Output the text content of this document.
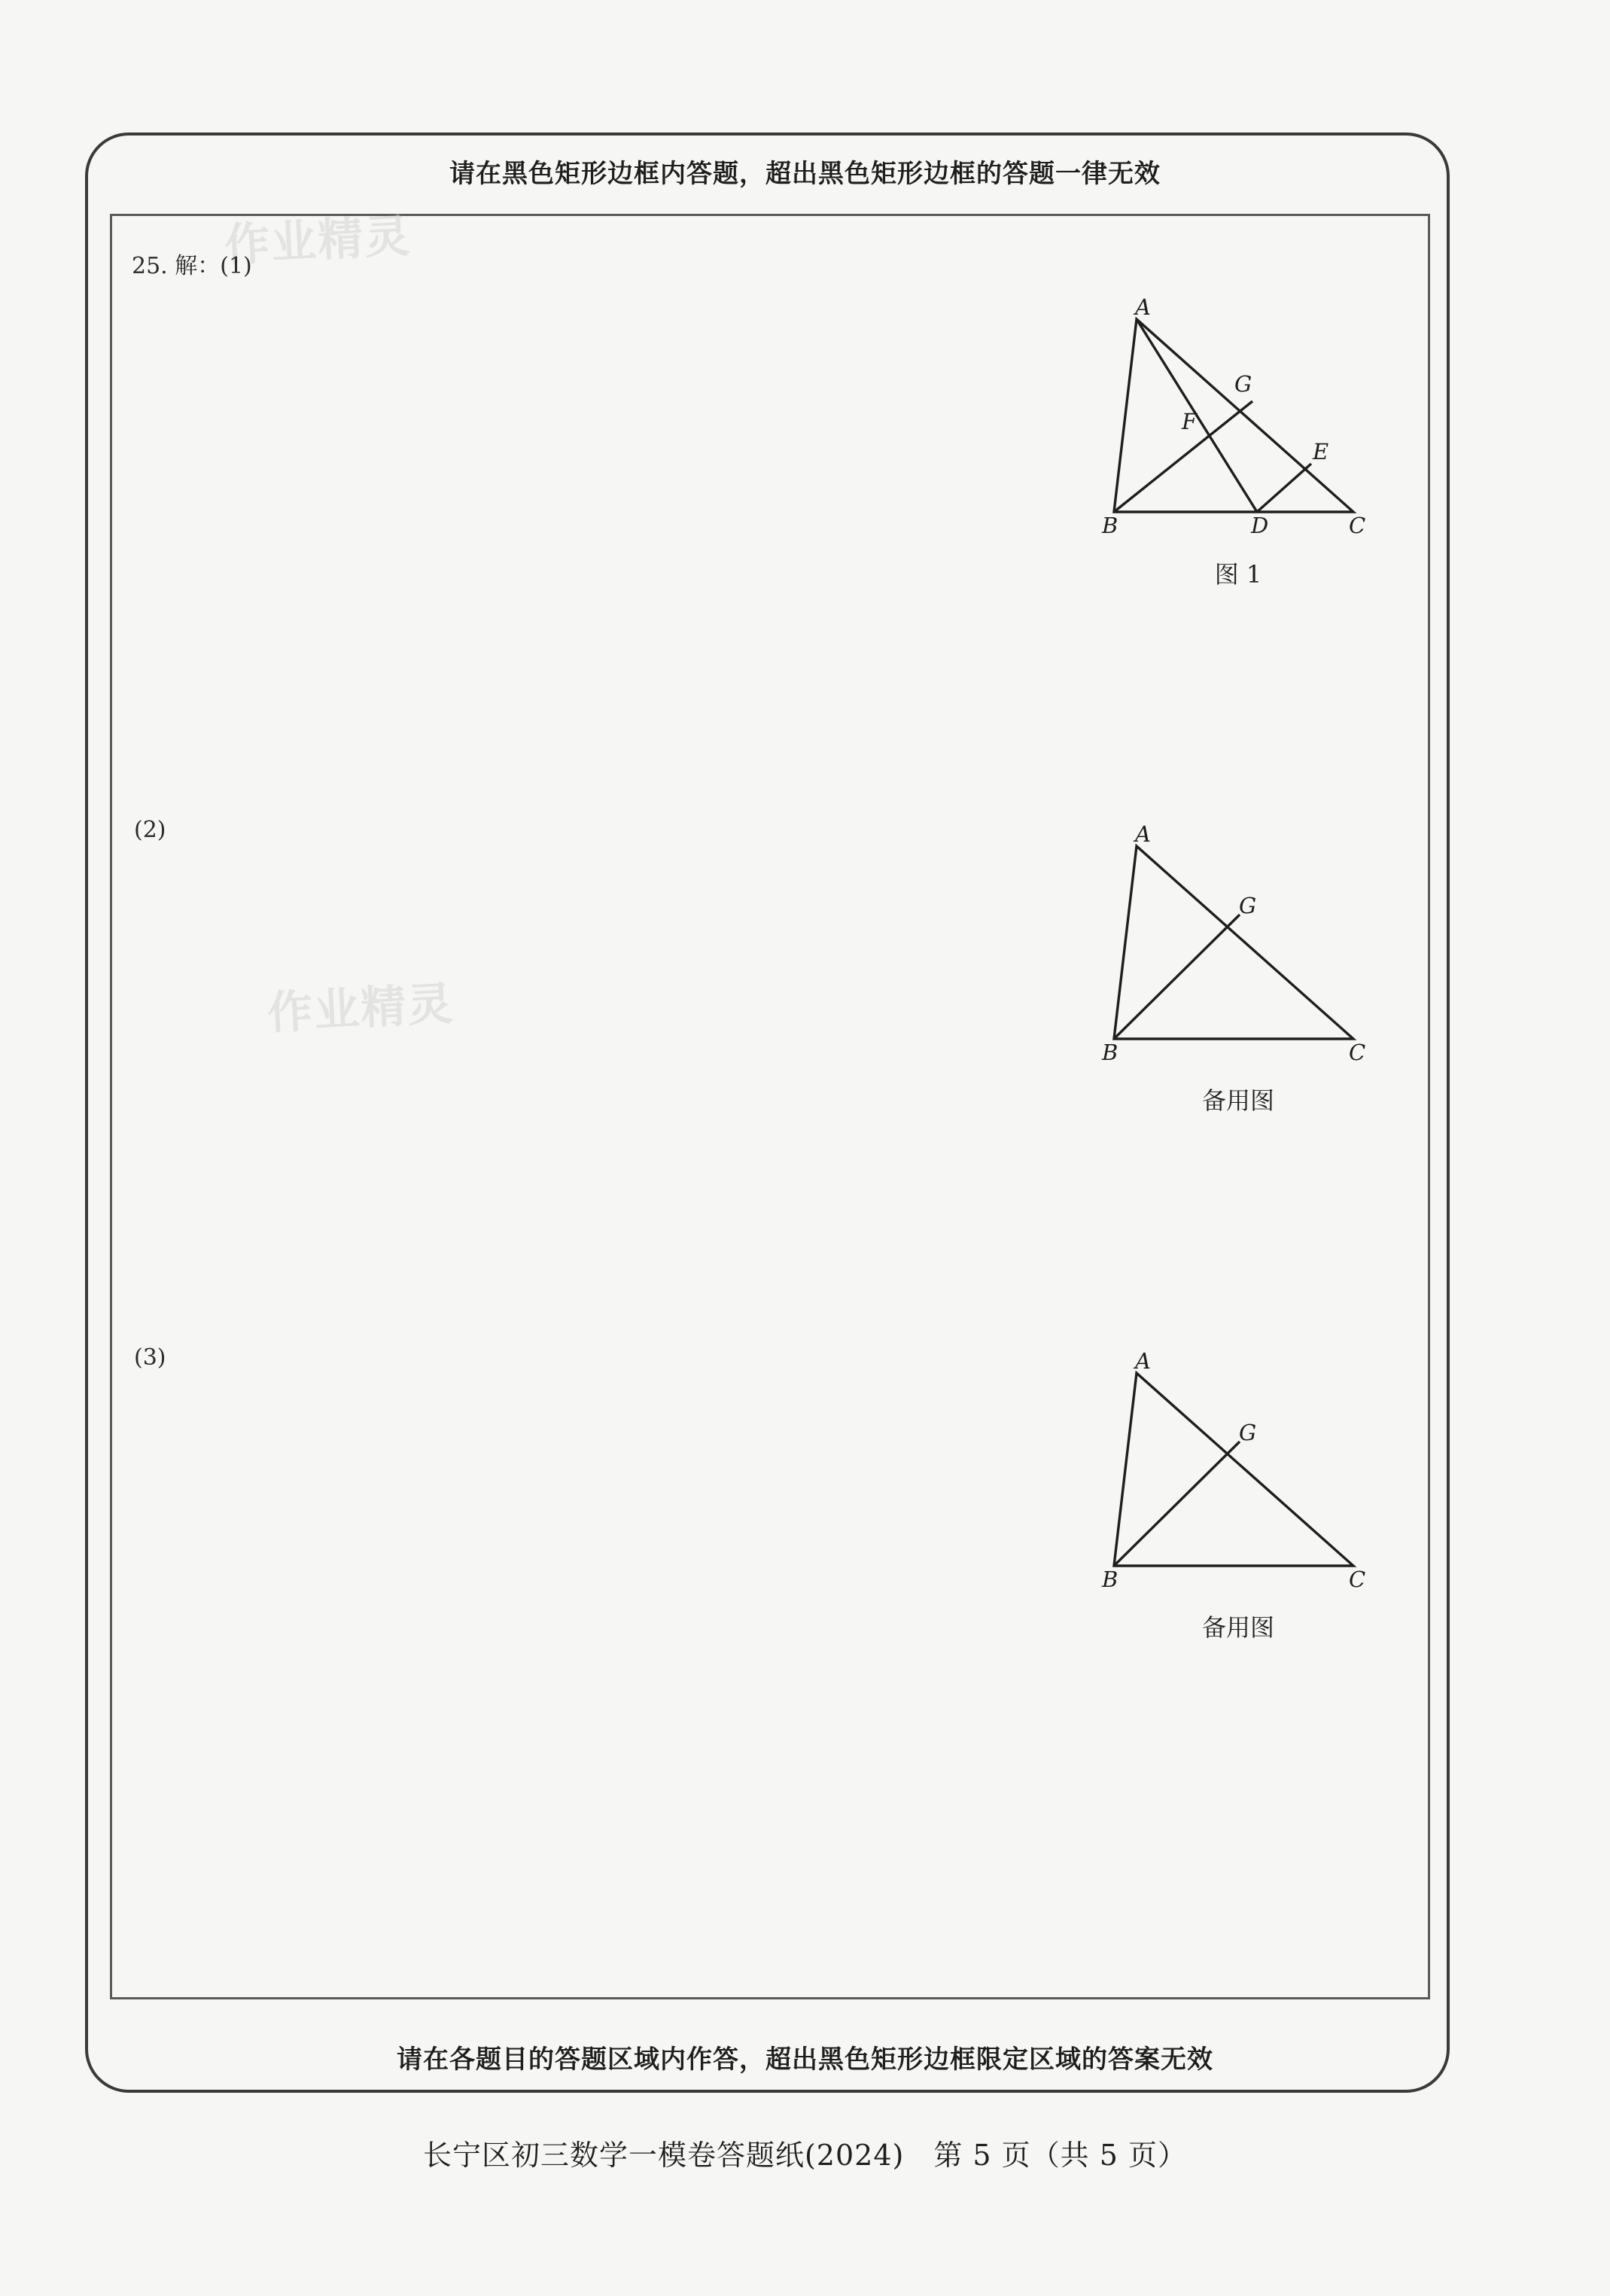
请在黑色矩形边框内答题，超出黑色矩形边框的答题一律无效
作业精灵
作业精灵
25. 解：(1)
(2)
(3)
A
B	C
D
E
F
G
图 1
A
B	C
G
备用图
A
B	C
G
备用图
请在各题目的答题区域内作答，超出黑色矩形边框限定区域的答案无效
长宁区初三数学一模卷答题纸(2024)　第 5 页（共 5 页）
